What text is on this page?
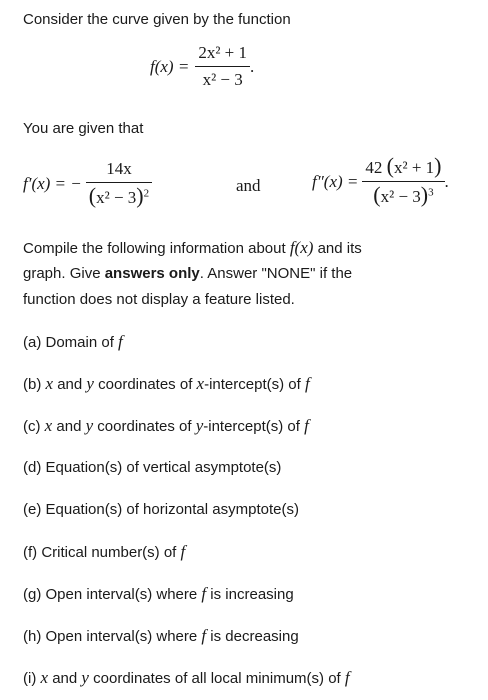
Consider the curve given by the function
$f(x) = \frac{\text{2x² + 1}}{\text{x² − 3}}$ .
You are given that
f′(x) = − $\frac{14x}{(x^2 - 3)^2}$	and	$f''(x) = \frac{\text{42 (x² + 1)}}{(x^2 - 3)^3}$ .
Compile the following information about f(x) and its
graph. Give answers only. Answer "NONE" if the
function does not display a feature listed.
(a) Domain of f
(b) x and y coordinates of x-intercept(s) of f
(c) x and y coordinates of y-intercept(s) of f
(d) Equation(s) of vertical asymptote(s)
(e) Equation(s) of horizontal asymptote(s)
(f) Critical number(s) of f
(g) Open interval(s) where f is increasing
(h) Open interval(s) where f is decreasing
(i) x and y coordinates of all local minimum(s) of f
